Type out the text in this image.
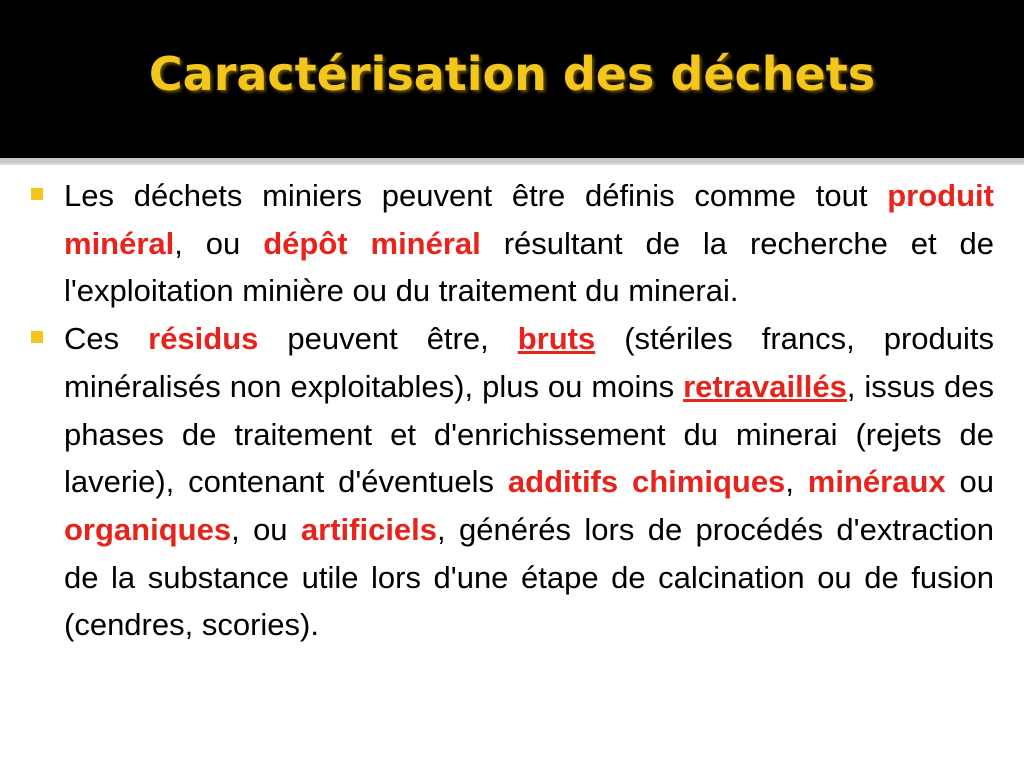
Caractérisation des déchets
Les déchets miniers peuvent être définis comme tout produit minéral, ou dépôt minéral résultant de la recherche et de l'exploitation minière ou du traitement du minerai.
Ces résidus peuvent être, bruts (stériles francs, produits minéralisés non exploitables), plus ou moins retravaillés, issus des phases de traitement et d'enrichissement du minerai (rejets de laverie), contenant d'éventuels additifs chimiques, minéraux ou organiques, ou artificiels, générés lors de procédés d'extraction de la substance utile lors d'une étape de calcination ou de fusion (cendres, scories).
